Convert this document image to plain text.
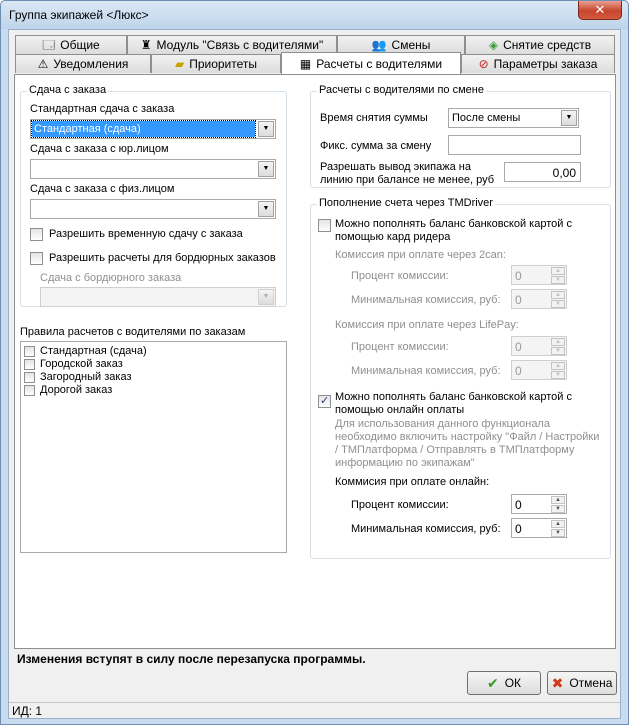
Группа экипажей <Люкс>	✕
🗔 Общие	♜ Модуль "Связь с водителями"	👥 Смены	◈ Снятие средств
⚠ Уведомления	▰ Приоритеты	▦ Расчеты с водителями	⊘ Параметры заказа
Сдача с заказа
Стандартная сдача с заказа
Стандартная (сдача)	▼
Сдача с заказа с юр.лицом
▼
Сдача с заказа с физ.лицом
▼
Разрешить временную сдачу с заказа
Разрешить расчеты для бордюрных заказов
Сдача с бордюрного заказа
▼
Правила расчетов с водителями по заказам
Стандартная (сдача)
Городской заказ
Загородный заказ
Дорогой заказ
Расчеты с водителями по смене
Время снятия суммы После смены	▼
Фикс. сумма за смену
Разрешать вывод экипажа на
линию при балансе не менее, руб	0,00
Пополнение счета через TMDriver
Можно пополнять баланс банковской картой с
помощью кард ридера
Комиссия при оплате через 2can:
Процент комиссии:	0	▲
▼
Минимальная комиссия, руб: 0	▲
▼
Комиссия при оплате через LifePay:
Процент комиссии:	0	▲
▼
Минимальная комиссия, руб: 0	▲
▼
✓ Можно пополнять баланс банковской картой с
помощью онлайн оплаты
Для использования данного функционала
необходимо включить настройку "Файл / Настройки
/ ТМПлатформа / Отправлять в ТМПлатформу
информацию по экипажам"
Коммисия при оплате онлайн:
Процент комиссии:	0	▲
▼
Минимальная комиссия, руб: 0	▲
▼
Изменения вступят в силу после перезапуска программы.
✔ ОК ✖ Отмена
ИД: 1
